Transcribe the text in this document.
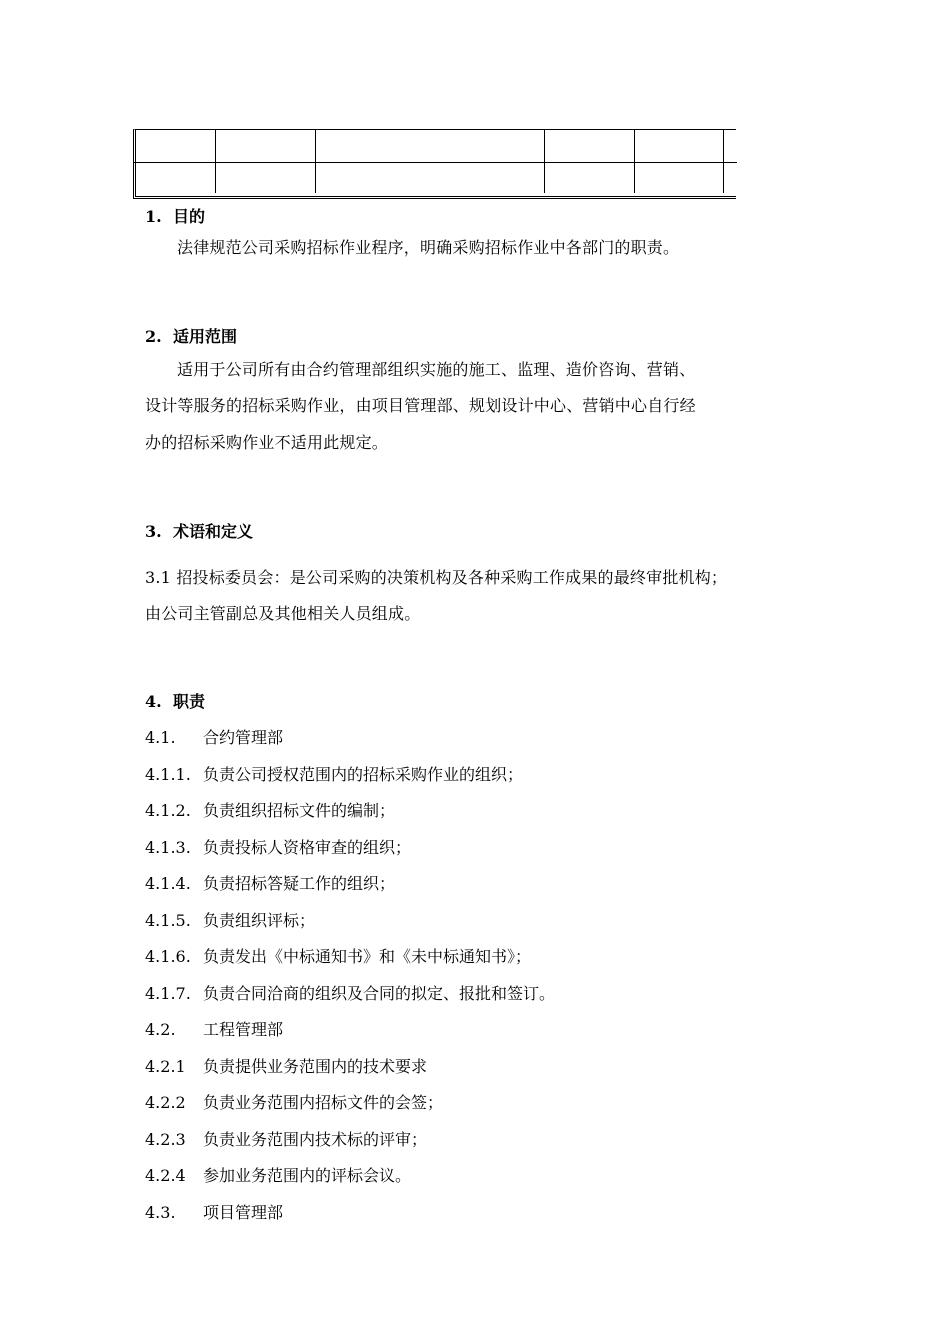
1. 目的
法律规范公司采购招标作业程序，明确采购招标作业中各部门的职责。
2. 适用范围
适用于公司所有由合约管理部组织实施的施工、监理、造价咨询、营销、
设计等服务的招标采购作业，由项目管理部、规划设计中心、营销中心自行经
办的招标采购作业不适用此规定。
3. 术语和定义
3.1 招投标委员会：是公司采购的决策机构及各种采购工作成果的最终审批机构；
由公司主管副总及其他相关人员组成。
4. 职责
4.1. 合约管理部
4.1.1. 负责公司授权范围内的招标采购作业的组织；
4.1.2. 负责组织招标文件的编制；
4.1.3. 负责投标人资格审查的组织；
4.1.4. 负责招标答疑工作的组织；
4.1.5. 负责组织评标；
4.1.6. 负责发出《中标通知书》和《未中标通知书》；
4.1.7. 负责合同洽商的组织及合同的拟定、报批和签订。
4.2. 工程管理部
4.2.1 负责提供业务范围内的技术要求
4.2.2 负责业务范围内招标文件的会签；
4.2.3 负责业务范围内技术标的评审；
4.2.4 参加业务范围内的评标会议。
4.3. 项目管理部
